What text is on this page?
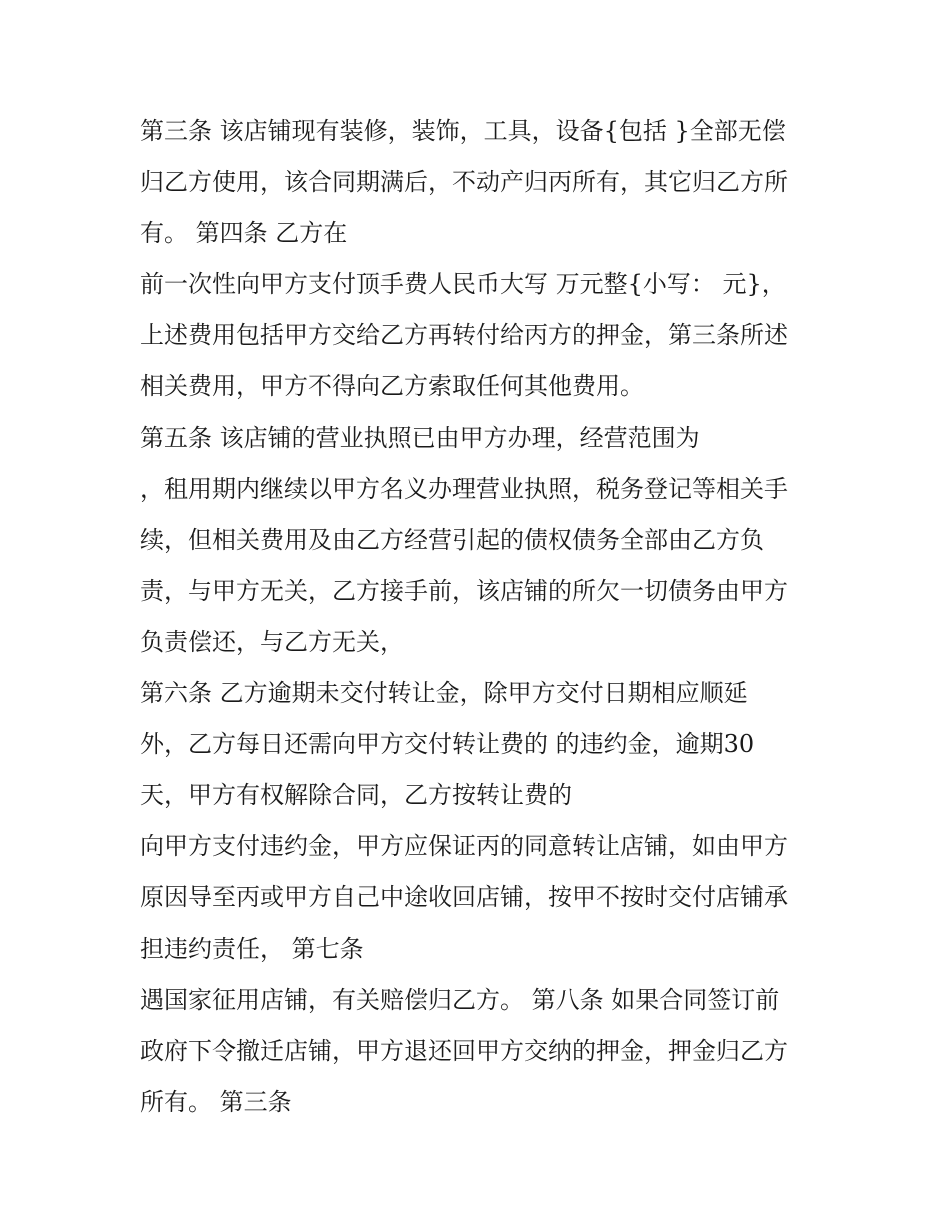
第三条 该店铺现有装修，装饰，工具，设备{包括 }全部无偿
归乙方使用，该合同期满后，不动产归丙所有，其它归乙方所
有。 第四条 乙方在
前一次性向甲方支付顶手费人民币大写 万元整{小写： 元}，
上述费用包括甲方交给乙方再转付给丙方的押金，第三条所述
相关费用，甲方不得向乙方索取任何其他费用。
第五条 该店铺的营业执照已由甲方办理，经营范围为
，租用期内继续以甲方名义办理营业执照，税务登记等相关手
续，但相关费用及由乙方经营引起的债权债务全部由乙方负
责，与甲方无关，乙方接手前，该店铺的所欠一切债务由甲方
负责偿还，与乙方无关，
第六条 乙方逾期未交付转让金，除甲方交付日期相应顺延
外，乙方每日还需向甲方交付转让费的 的违约金，逾期30
天，甲方有权解除合同，乙方按转让费的
向甲方支付违约金，甲方应保证丙的同意转让店铺，如由甲方
原因导至丙或甲方自己中途收回店铺，按甲不按时交付店铺承
担违约责任， 第七条
遇国家征用店铺，有关赔偿归乙方。 第八条 如果合同签订前
政府下令撤迁店铺，甲方退还回甲方交纳的押金，押金归乙方
所有。 第三条
